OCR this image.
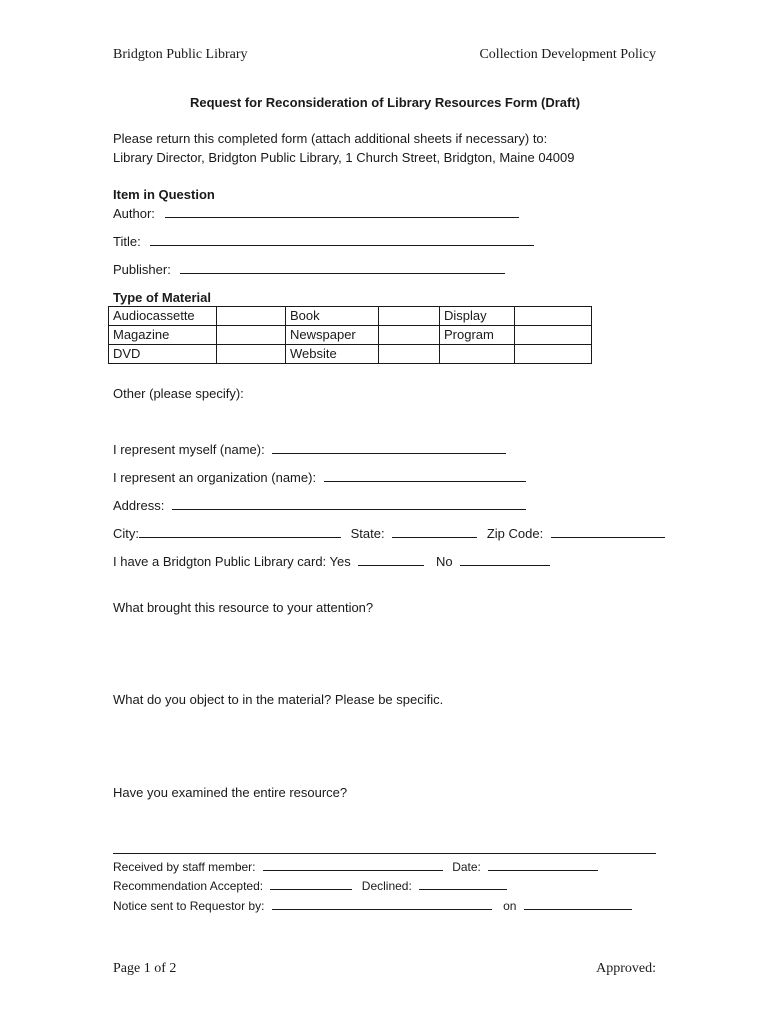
Bridgton Public Library	Collection Development Policy
Request for Reconsideration of Library Resources Form (Draft)
Please return this completed form (attach additional sheets if necessary) to:
Library Director, Bridgton Public Library, 1 Church Street, Bridgton, Maine 04009
Item in Question
Author:
Title:
Publisher:
Type of Material
Audiocassette		Book		Display	
Magazine		Newspaper		Program	
DVD		Website			
Other (please specify):
I represent myself (name):
I represent an organization (name):
Address:
City:	State:	Zip Code:
I have a Bridgton Public Library card: Yes	No
What brought this resource to your attention?
What do you object to in the material? Please be specific.
Have you examined the entire resource?
Received by staff member:	Date:
Recommendation Accepted:	Declined:
Notice sent to Requestor by:	on
Page 1 of 2	Approved:
